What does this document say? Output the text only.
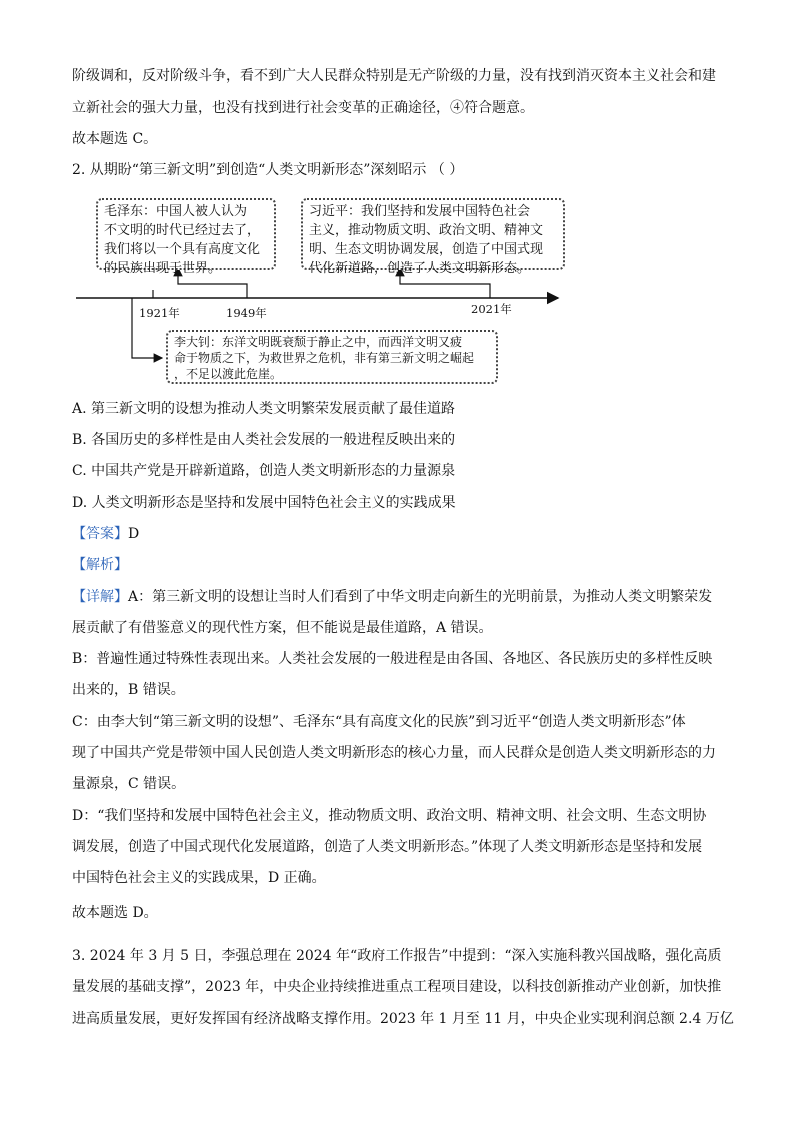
阶级调和，反对阶级斗争，看不到广大人民群众特别是无产阶级的力量，没有找到消灭资本主义社会和建
立新社会的强大力量，也没有找到进行社会变革的正确途径，④符合题意。
故本题选 C。
2. 从期盼“第三新文明”到创造“人类文明新形态”深刻昭示 （ ）
毛泽东：中国人被人认为
不文明的时代已经过去了，
我们将以一个具有高度文化
的民族出现于世界。
习近平：我们坚持和发展中国特色社会
主义，推动物质文明、政治文明、精神文
明、生态文明协调发展，创造了中国式现
代化新道路，创造了人类文明新形态。
李大钊：东洋文明既衰颓于静止之中，而西洋文明又疲
命于物质之下，为救世界之危机，非有第三新文明之崛起
，不足以渡此危崖。
1921年	1949年	2021年
A. 第三新文明的设想为推动人类文明繁荣发展贡献了最佳道路
B. 各国历史的多样性是由人类社会发展的一般进程反映出来的
C. 中国共产党是开辟新道路，创造人类文明新形态的力量源泉
D. 人类文明新形态是坚持和发展中国特色社会主义的实践成果
【答案】D
【解析】
【详解】A：第三新文明的设想让当时人们看到了中华文明走向新生的光明前景，为推动人类文明繁荣发
展贡献了有借鉴意义的现代性方案，但不能说是最佳道路，A 错误。
B：普遍性通过特殊性表现出来。人类社会发展的一般进程是由各国、各地区、各民族历史的多样性反映
出来的，B 错误。
C：由李大钊“第三新文明的设想”、毛泽东“具有高度文化的民族”到习近平“创造人类文明新形态”体
现了中国共产党是带领中国人民创造人类文明新形态的核心力量，而人民群众是创造人类文明新形态的力
量源泉，C 错误。
D：“我们坚持和发展中国特色社会主义，推动物质文明、政治文明、精神文明、社会文明、生态文明协
调发展，创造了中国式现代化发展道路，创造了人类文明新形态。”体现了人类文明新形态是坚持和发展
中国特色社会主义的实践成果，D 正确。
故本题选 D。
3. 2024 年 3 月 5 日，李强总理在 2024 年“政府工作报告”中提到：“深入实施科教兴国战略，强化高质
量发展的基础支撑”，2023 年，中央企业持续推进重点工程项目建设，以科技创新推动产业创新，加快推
进高质量发展，更好发挥国有经济战略支撑作用。2023 年 1 月至 11 月，中央企业实现利润总额 2.4 万亿
